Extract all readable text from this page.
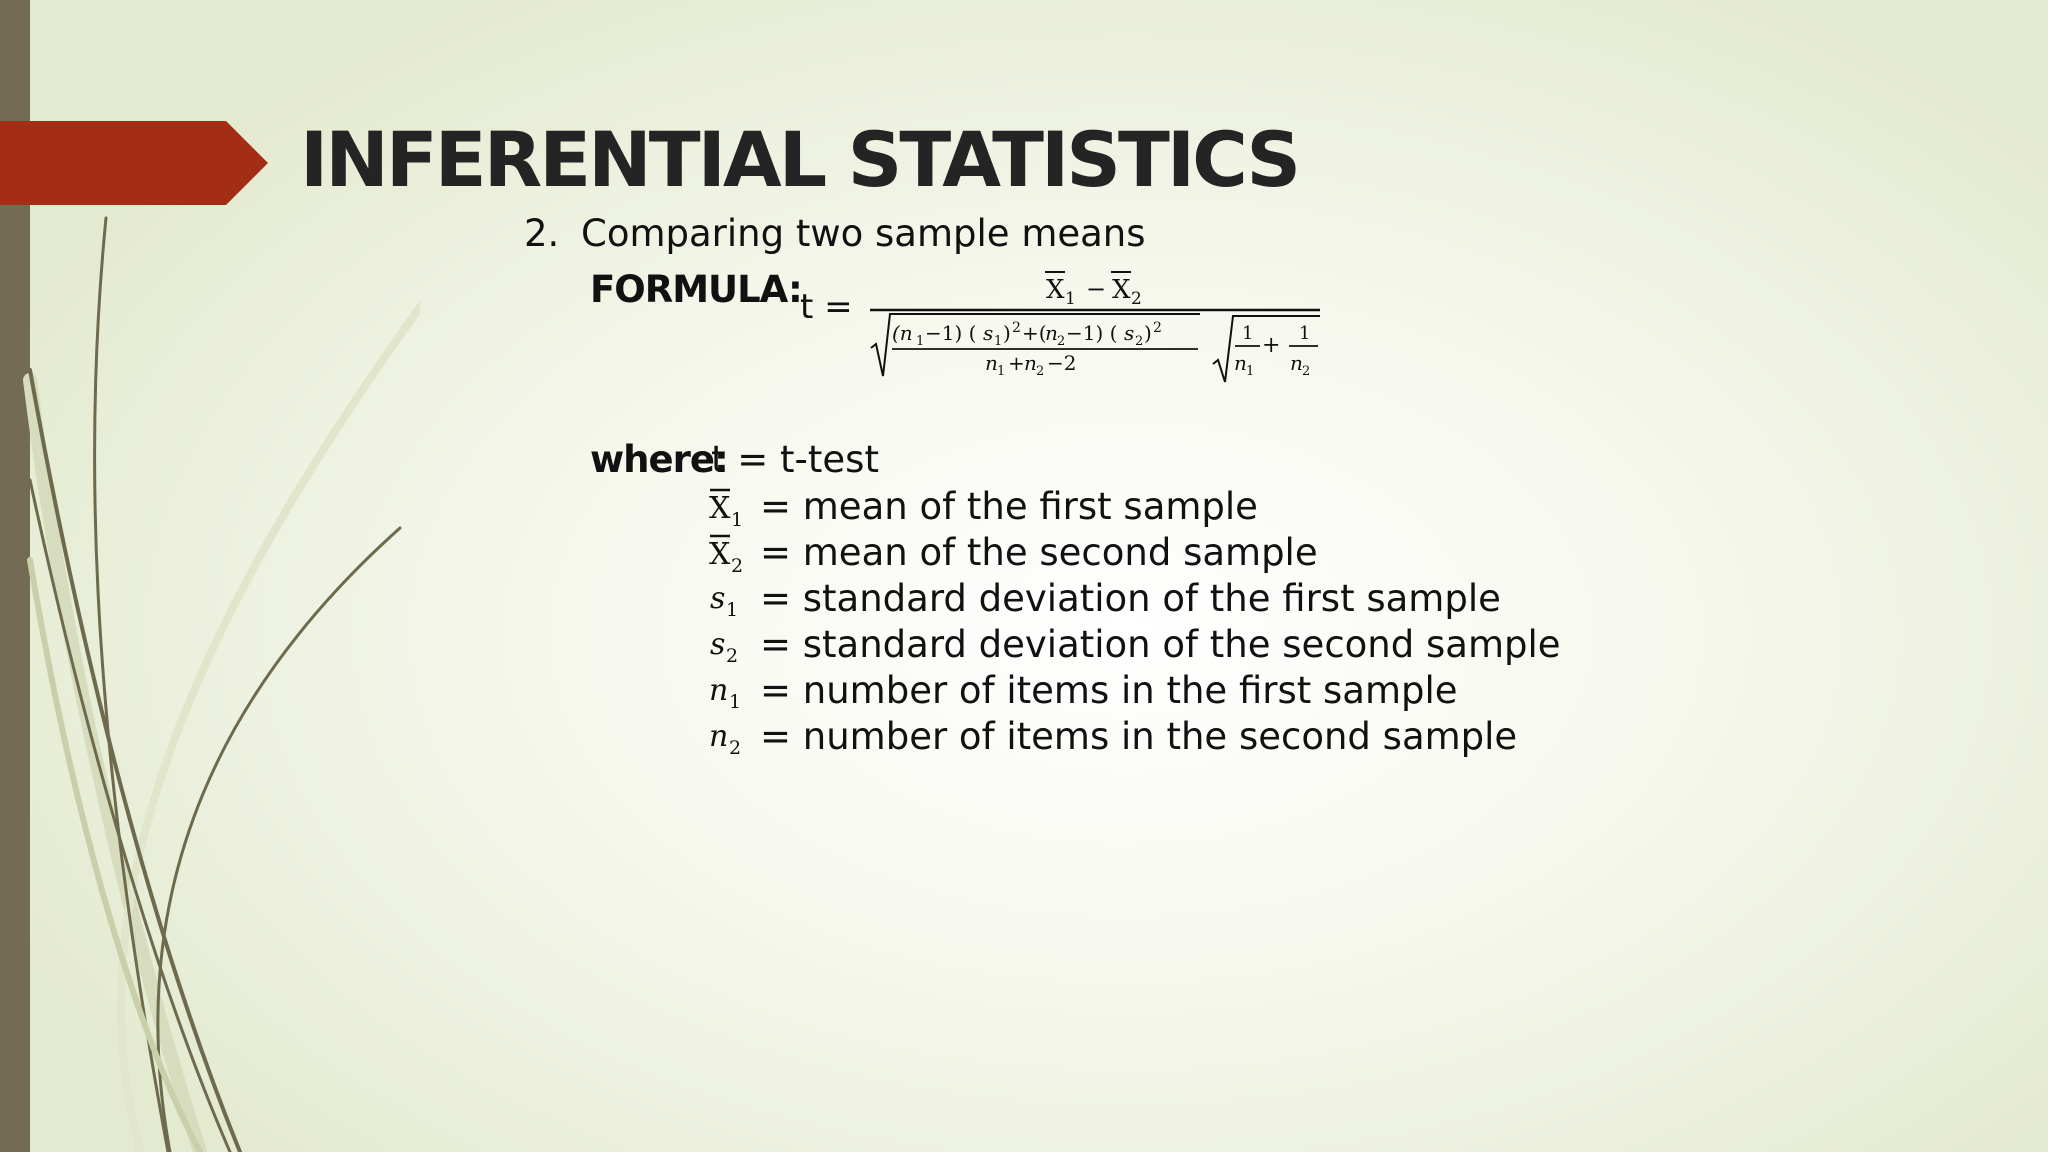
INFERENTIAL STATISTICS
2. Comparing two sample means
FORMULA:
t =	X 1 − X 2
(n 1 −1) ( s 1 ) 2 +(
n 2 −1) ( s 2 ) 2
n 1 + n 2 −2
1
n 1
+ 1
n 2
where:
t = t-test
X 1 = mean of the first sample
X 2 = mean of the second sample
s 1 = standard deviation of the first sample
s 2 = standard deviation of the second sample
n 1 = number of items in the first sample
n 2 = number of items in the second sample
